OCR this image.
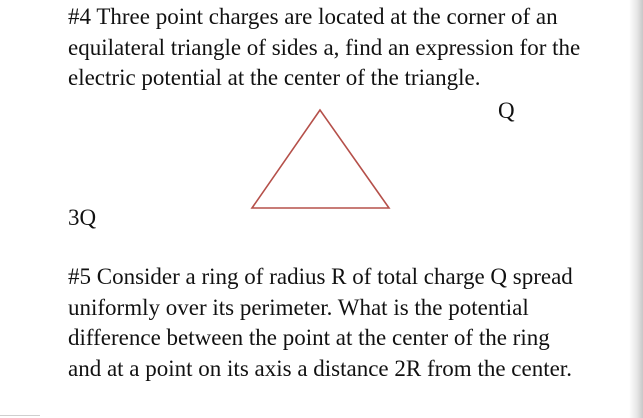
#4 Three point charges are located at the corner of an
equilateral triangle of sides a, find an expression for the
electric potential at the center of the triangle.

Q
3Q

#5 Consider a ring of radius R of total charge Q spread
uniformly over its perimeter. What is the potential
difference between the point at the center of the ring
and at a point on its axis a distance 2R from the center.
